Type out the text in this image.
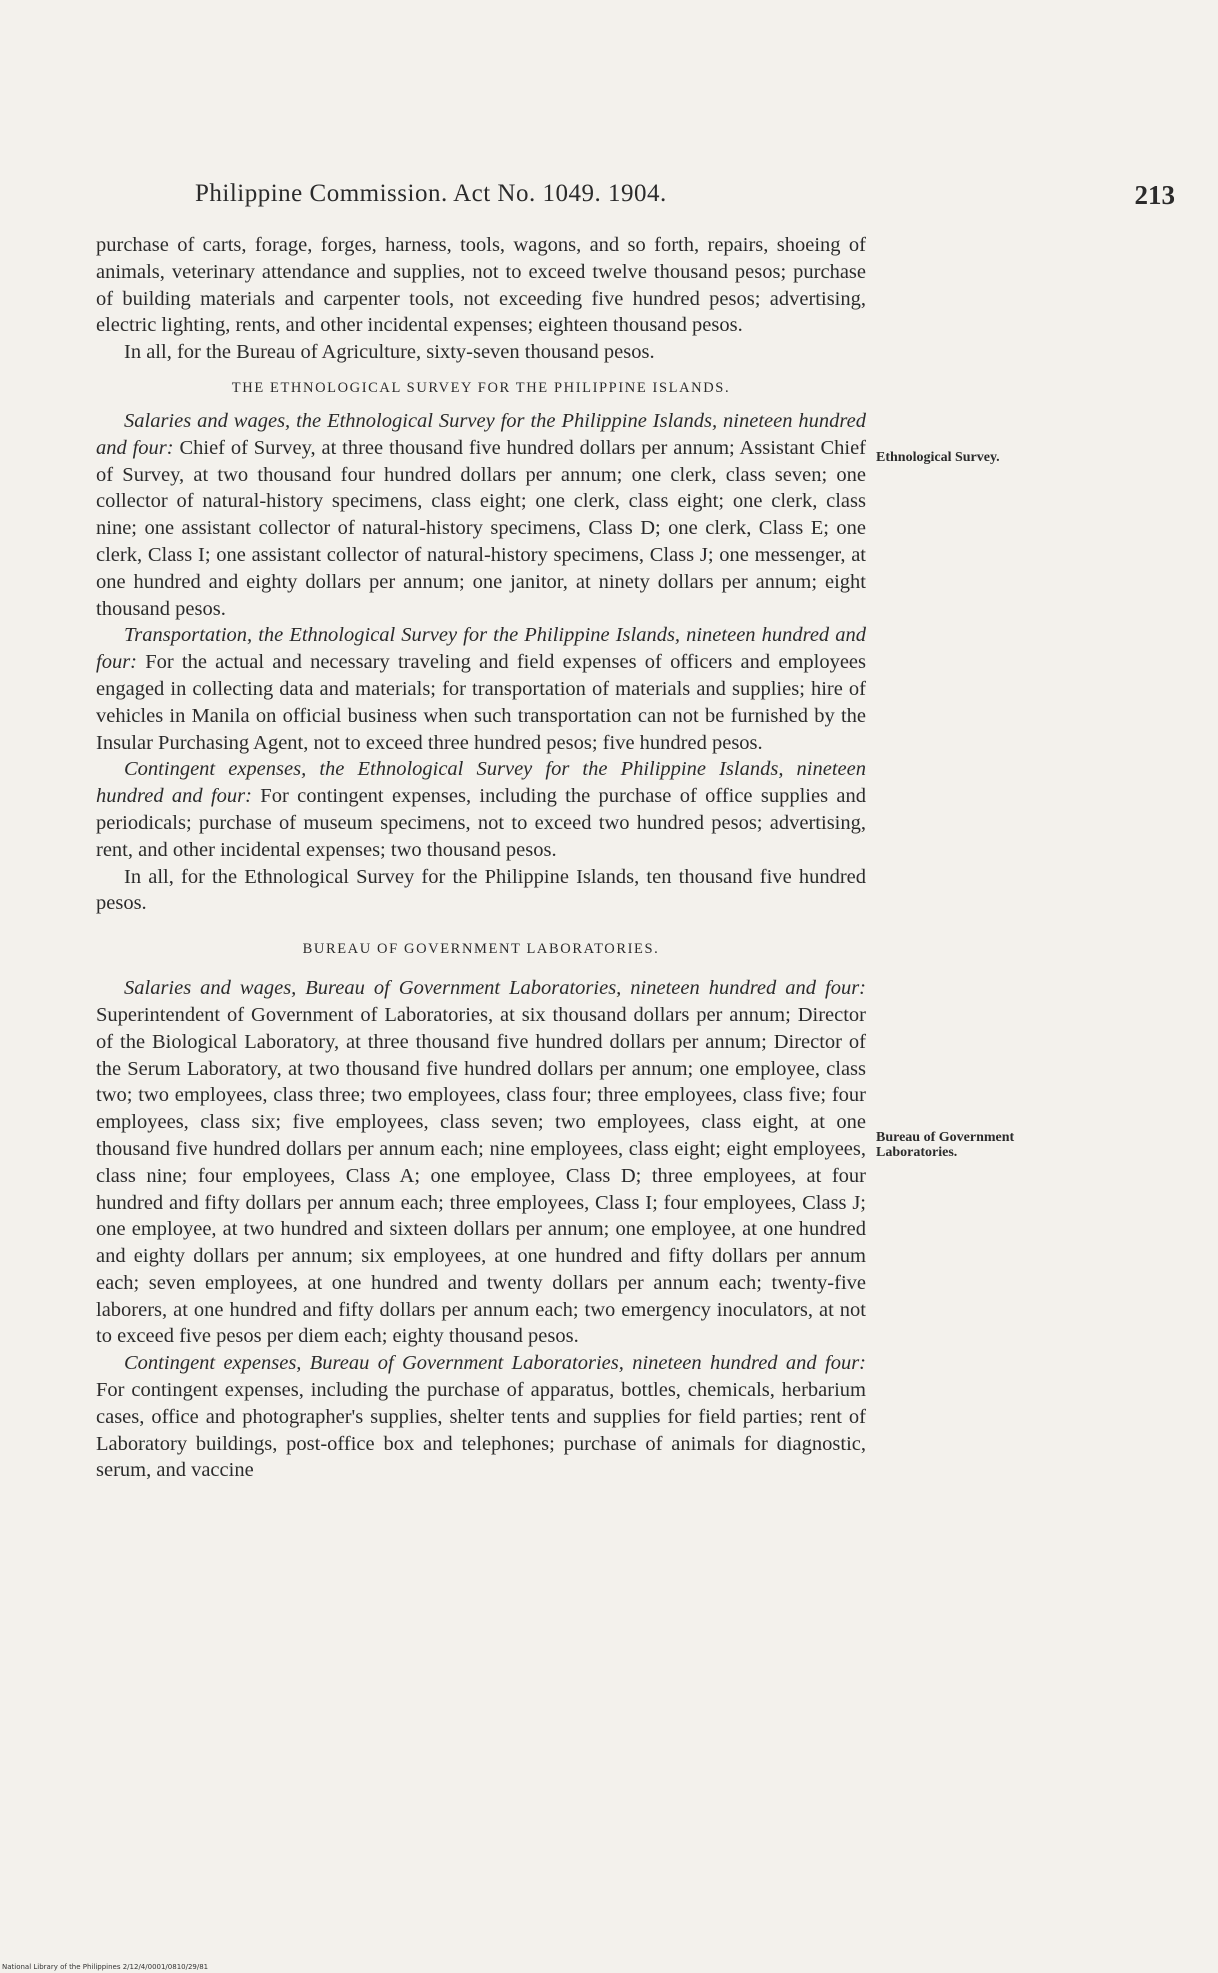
Philippine Commission. Act No. 1049. 1904.	213

purchase of carts, forage, forges, harness, tools, wagons, and so forth, repairs, shoeing of animals, veterinary attendance and supplies, not to exceed twelve thousand pesos; purchase of building materials and carpenter tools, not exceeding five hundred pesos; advertising, electric lighting, rents, and other incidental expenses; eighteen thousand pesos.

In all, for the Bureau of Agriculture, sixty-seven thousand pesos.

THE ETHNOLOGICAL SURVEY FOR THE PHILIPPINE ISLANDS.

Salaries and wages, the Ethnological Survey for the Philippine Islands, nineteen hundred and four: Chief of Survey, at three thousand five hundred dollars per annum; Assistant Chief of Survey, at two thousand four hundred dollars per annum; one clerk, class seven; one collector of natural-history specimens, class eight; one clerk, class eight; one clerk, class nine; one assistant collector of natural-history specimens, Class D; one clerk, Class E; one clerk, Class I; one assistant collector of natural-history specimens, Class J; one messenger, at one hundred and eighty dollars per annum; one janitor, at ninety dollars per annum; eight thousand pesos.

Transportation, the Ethnological Survey for the Philippine Islands, nineteen hundred and four: For the actual and necessary traveling and field expenses of officers and employees engaged in collecting data and materials; for transportation of materials and supplies; hire of vehicles in Manila on official business when such transportation can not be furnished by the Insular Purchasing Agent, not to exceed three hundred pesos; five hundred pesos.

Contingent expenses, the Ethnological Survey for the Philippine Islands, nineteen hundred and four: For contingent expenses, including the purchase of office supplies and periodicals; purchase of museum specimens, not to exceed two hundred pesos; advertising, rent, and other incidental expenses; two thousand pesos.

In all, for the Ethnological Survey for the Philippine Islands, ten thousand five hundred pesos.

BUREAU OF GOVERNMENT LABORATORIES.

Salaries and wages, Bureau of Government Laboratories, nineteen hundred and four: Superintendent of Government of Laboratories, at six thousand dollars per annum; Director of the Biological Laboratory, at three thousand five hundred dollars per annum; Director of the Serum Laboratory, at two thousand five hundred dollars per annum; one employee, class two; two employees, class three; two employees, class four; three employees, class five; four employees, class six; five employees, class seven; two employees, class eight, at one thousand five hundred dollars per annum each; nine employees, class eight; eight employees, class nine; four employees, Class A; one employee, Class D; three employees, at four hundred and fifty dollars per annum each; three employees, Class I; four employees, Class J; one employee, at two hundred and sixteen dollars per annum; one employee, at one hundred and eighty dollars per annum; six employees, at one hundred and fifty dollars per annum each; seven employees, at one hundred and twenty dollars per annum each; twenty-five laborers, at one hundred and fifty dollars per annum each; two emergency inoculators, at not to exceed five pesos per diem each; eighty thousand pesos.

Contingent expenses, Bureau of Government Laboratories, nineteen hundred and four: For contingent expenses, including the purchase of apparatus, bottles, chemicals, herbarium cases, office and photographer's supplies, shelter tents and supplies for field parties; rent of Laboratory buildings, post-office box and telephones; purchase of animals for diagnostic, serum, and vaccine

Ethnological Survey.
Bureau of Government Laboratories.
National Library of the Philippines 2/12/4/0001/0810/29/81
